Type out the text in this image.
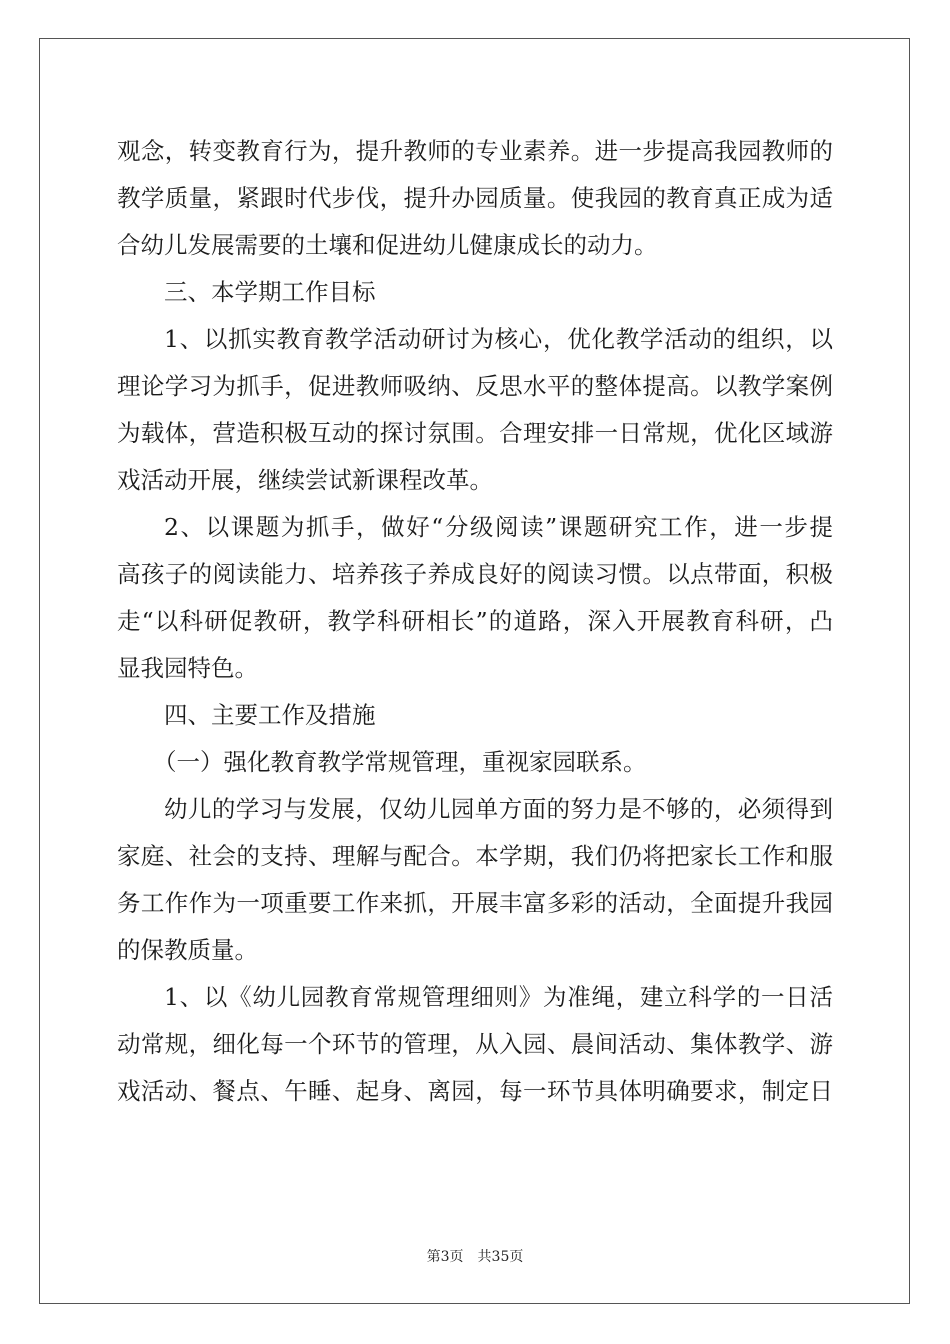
观念，转变教育行为，提升教师的专业素养。进一步提高我园教师的
教学质量，紧跟时代步伐，提升办园质量。使我园的教育真正成为适
合幼儿发展需要的土壤和促进幼儿健康成长的动力。
三、本学期工作目标
1、以抓实教育教学活动研讨为核心，优化教学活动的组织，以
理论学习为抓手，促进教师吸纳、反思水平的整体提高。以教学案例
为载体，营造积极互动的探讨氛围。合理安排一日常规，优化区域游
戏活动开展，继续尝试新课程改革。
2、以课题为抓手，做好“分级阅读”课题研究工作，进一步提
高孩子的阅读能力、培养孩子养成良好的阅读习惯。以点带面，积极
走“以科研促教研，教学科研相长”的道路，深入开展教育科研，凸
显我园特色。
四、主要工作及措施
（一）强化教育教学常规管理，重视家园联系。
幼儿的学习与发展，仅幼儿园单方面的努力是不够的，必须得到
家庭、社会的支持、理解与配合。本学期，我们仍将把家长工作和服
务工作作为一项重要工作来抓，开展丰富多彩的活动，全面提升我园
的保教质量。
1、以《幼儿园教育常规管理细则》为准绳，建立科学的一日活
动常规，细化每一个环节的管理，从入园、晨间活动、集体教学、游
戏活动、餐点、午睡、起身、离园，每一环节具体明确要求，制定日
第3页 共35页
